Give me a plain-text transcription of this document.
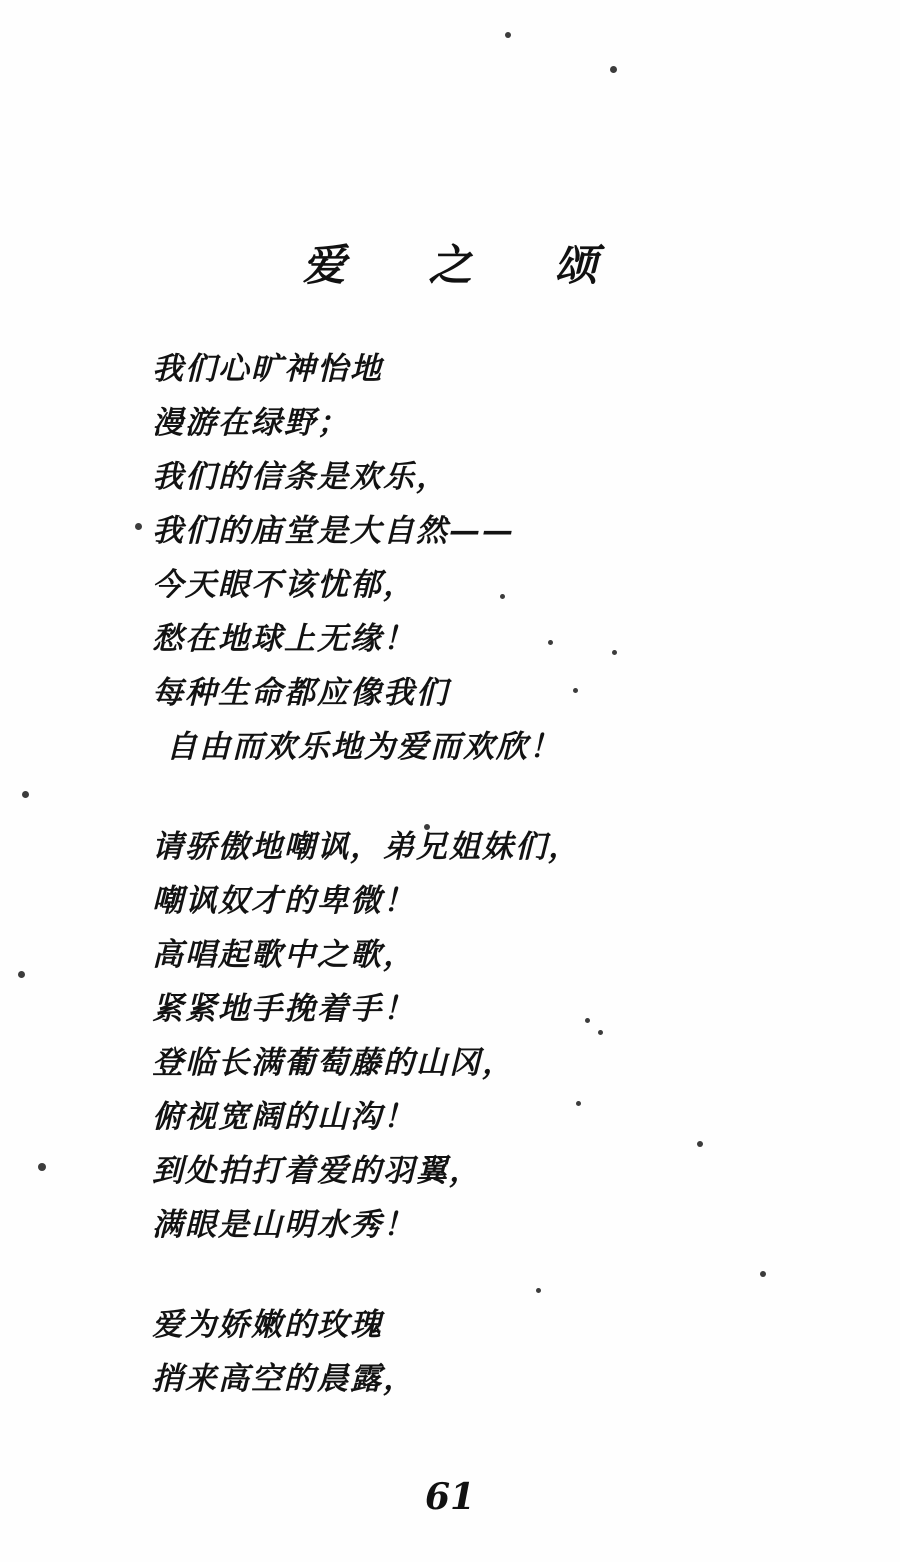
爱 之 颂
我们心旷神怡地
漫游在绿野；
我们的信条是欢乐，
我们的庙堂是大自然——
今天眼不该忧郁，
愁在地球上无缘！
每种生命都应像我们
自由而欢乐地为爱而欢欣！
请骄傲地嘲讽，弟兄姐妹们，
嘲讽奴才的卑微！
高唱起歌中之歌，
紧紧地手挽着手！
登临长满葡萄藤的山冈，
俯视宽阔的山沟！
到处拍打着爱的羽翼，
满眼是山明水秀！
爱为娇嫩的玫瑰
捎来高空的晨露，
61
